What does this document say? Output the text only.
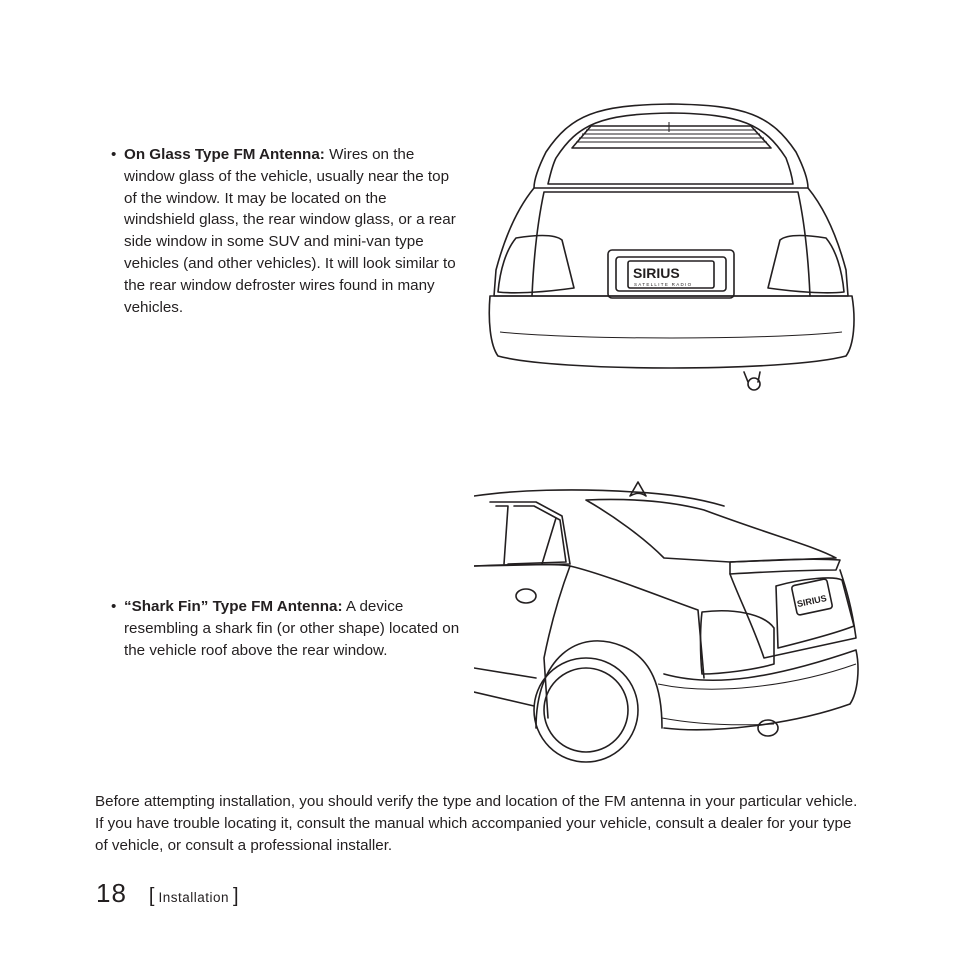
• On Glass Type FM Antenna: Wires on the window glass of the vehicle, usually near the top of the window. It may be located on the windshield glass, the rear window glass, or a rear side window in some SUV and mini-van type vehicles (and other vehicles). It will look similar to the rear window defroster wires found in many vehicles.
SIRIUS
SATELLITE RADIO
SIRIUS
• “Shark Fin” Type FM Antenna: A device resembling a shark fin (or other shape) located on the vehicle roof above the rear window.

Before attempting installation, you should verify the type and location of the FM antenna in your particular vehicle. If you have trouble locating it, consult the manual which accompanied your vehicle, consult a dealer for your type of vehicle, or consult a professional installer.

18 [ Installation ]
